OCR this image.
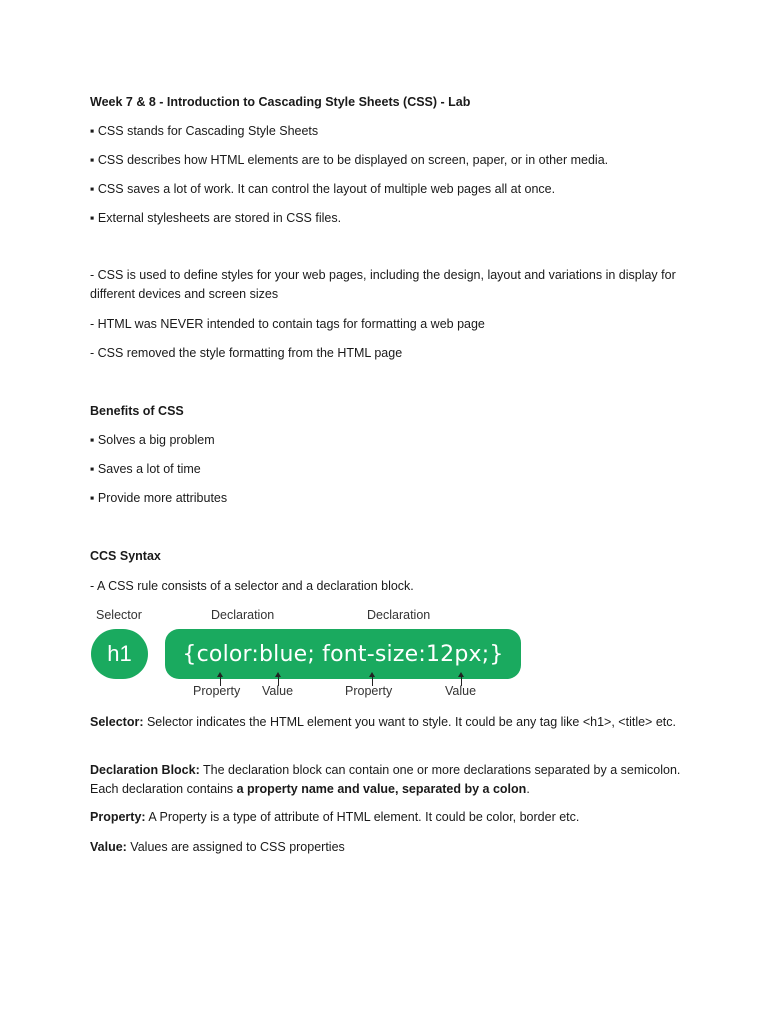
Week 7 & 8 - Introduction to Cascading Style Sheets (CSS) - Lab
▪ CSS stands for Cascading Style Sheets
▪ CSS describes how HTML elements are to be displayed on screen, paper, or in other media.
▪ CSS saves a lot of work. It can control the layout of multiple web pages all at once.
▪ External stylesheets are stored in CSS files.
- CSS is used to define styles for your web pages, including the design, layout and variations in display for different devices and screen sizes
- HTML was NEVER intended to contain tags for formatting a web page
- CSS removed the style formatting from the HTML page
Benefits of CSS
▪ Solves a big problem
▪ Saves a lot of time
▪ Provide more attributes
CCS Syntax
- A CSS rule consists of a selector and a declaration block.
Selector	Declaration	Declaration
h1	{color:blue; font-size:12px;}
Property Value	Property	Value
Selector: Selector indicates the HTML element you want to style. It could be any tag like <h1>, <title> etc.
Declaration Block: The declaration block can contain one or more declarations separated by a semicolon. Each declaration contains a property name and value, separated by a colon.
Property: A Property is a type of attribute of HTML element. It could be color, border etc.
Value: Values are assigned to CSS properties
